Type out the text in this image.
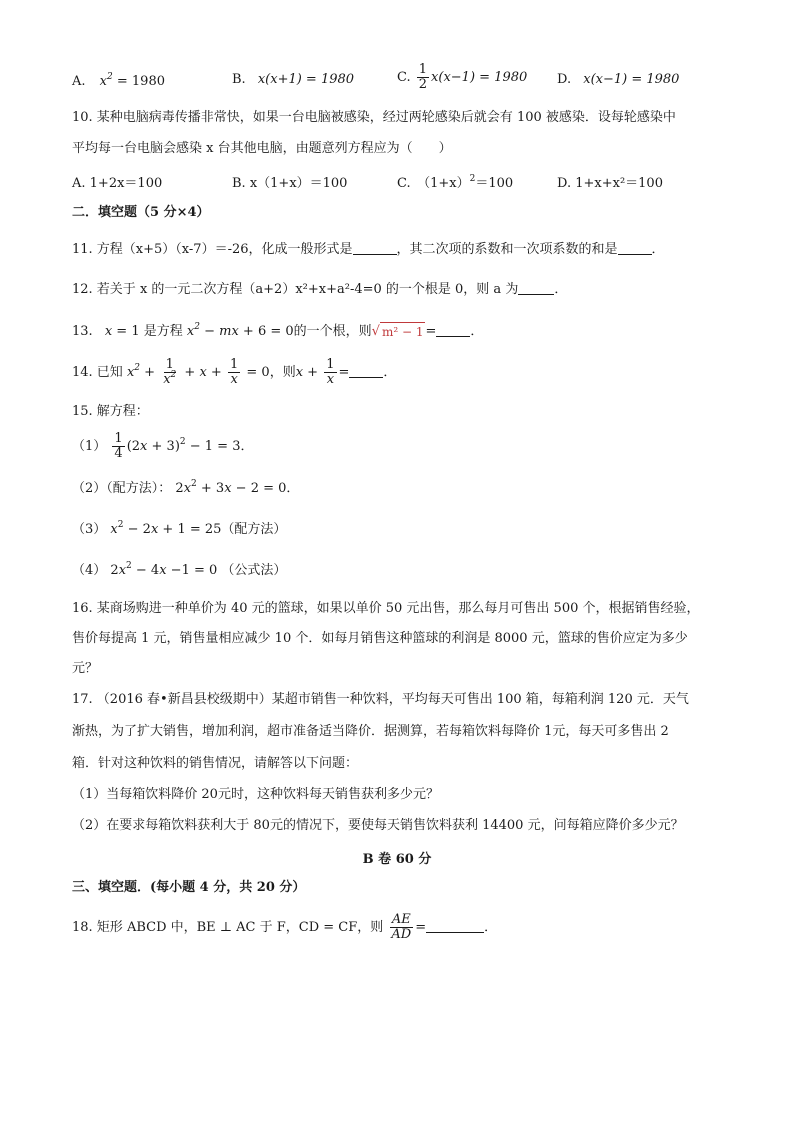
A. $x^2 = 1980$	B. x(x+1) = 1980	C. $\frac{1}{2} x(x-1) = 1980$ D. x(x−1) = 1980
10. 某种电脑病毒传播非常快，如果一台电脑被感染，经过两轮感染后就会有 100 被感染．设每轮感染中
平均每一台电脑会感染 x 台其他电脑，由题意列方程应为（　　）
A. 1+2x＝100	B. x（1+x）＝100	C.　$(1+x)^2=100$	D. 1+x+x²＝100
二．填空题（5 分×4）
11. 方程（x+5）（x-7）＝-26，化成一般形式是	，其二次项的系数和一次项系数的和是	．
12. 若关于 x 的一元二次方程（a+2）x²+x+a²-4=0 的一个根是 0，则 a 为	．
13. x = 1 是方程 $x^2$ − mx + 6 = 0的一个根，则√ m² − 1 =	．
14. 已知 $x^2 + \frac{1}{x^2} + x + \frac{1}{x} = 0$，则$x + \frac{1}{x}$ =	．
15. 解方程：
$(1) \frac{1}{4} (2x + 3)^2 - 1 = 3$．
（2）（配方法）： $2x^2 + 3x - 2 = 0$．
（3） $x^2 - 2x + 1 = 25$（配方法）
（4） $2x^2 - 4x -1 = 0$ （公式法）
16. 某商场购进一种单价为 40 元的篮球，如果以单价 50 元出售，那么每月可售出 500 个，根据销售经验，
售价每提高 1 元，销售量相应减少 10 个．如每月销售这种篮球的利润是 8000 元，篮球的售价应定为多少
元？
17. （2016 春•新昌县校级期中）某超市销售一种饮料，平均每天可售出 100 箱，每箱利润 120 元．天气
渐热，为了扩大销售，增加利润，超市准备适当降价．据测算，若每箱饮料每降价 1元，每天可多售出 2
箱．针对这种饮料的销售情况，请解答以下问题：
（1）当每箱饮料降价 20元时，这种饮料每天销售获利多少元？
（2）在要求每箱饮料获利大于 80元的情况下，要使每天销售饮料获利 14400 元，问每箱应降价多少元？
B 卷 60 分
三、填空题．(每小题 4 分，共 20 分）
18. 矩形 ABCD 中，BE ⊥ AC 于 F，CD = CF，则 $\frac{AE}{AD}$ =	．
